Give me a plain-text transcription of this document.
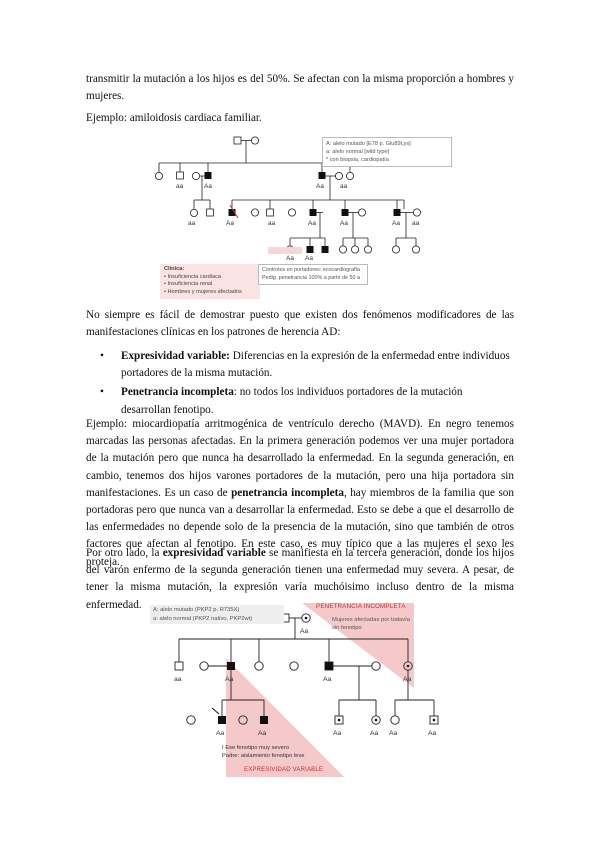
transmitir la mutación a los hijos es del 50%. Se afectan con la misma proporción a hombres y mujeres.

Ejemplo: amiloidosis cardiaca familiar.

aa	Aa	Aa aa
aa	Aa	aa	Aa	Aa	Aa aa
Aa Aa
A: alelo mutado [E78 p. Glu89Lys]
a: alelo normal [wild type]
* con biopsia, cardiopatía
Clínica:
• Insuficiencia cardiaca
• Insuficiencia renal
• Hombres y mujeres afectados
Controles en portadores: ecocardiografía
Pedig. penetrancia 100% a partir de 50 a

No siempre es fácil de demostrar puesto que existen dos fenómenos modificadores de las manifestaciones clínicas en los patrones de herencia AD:

• Expresividad variable: Diferencias en la expresión de la enfermedad entre individuos portadores de la misma mutación.
• Penetrancia incompleta: no todos los individuos portadores de la mutación desarrollan fenotipo.

Ejemplo: miocardiopatía arritmogénica de ventrículo derecho (MAVD). En negro tenemos marcadas las personas afectadas. En la primera generación podemos ver una mujer portadora de la mutación pero que nunca ha desarrollado la enfermedad. En la segunda generación, en cambio, tenemos dos hijos varones portadores de la mutación, pero una hija portadora sin manifestaciones. Es un caso de penetrancia incompleta, hay miembros de la familia que son portadoras pero que nunca van a desarrollar la enfermedad. Esto se debe a que el desarrollo de las enfermedades no depende solo de la presencia de la mutación, sino que también de otros factores que afectan al fenotipo. En este caso, es muy típico que a las mujeres el sexo les proteja.

Por otro lado, la expresividad variable se manifiesta en la tercera generación, donde los hijos del varón enfermo de la segunda generación tienen una enfermedad muy severa. A pesar, de tener la misma mutación, la expresión varía muchóisimo incluso dentro de la misma enfermedad.

Aa
aa	Aa	Aa	Aa
Aa	Aa	Aa	Aa Aa	Aa
A: alelo mutado (PKP2 p. R735X)
a: alelo normal (PKP2 nativo, PKP2wt)
PENETRANCIA INCOMPLETA
Mujeres afectadas por todavía
sin fenotipo
I Ese fenotipo muy severo
Padre: aislamiento fenotipo leve
EXPRESIVIDAD VARIABLE
